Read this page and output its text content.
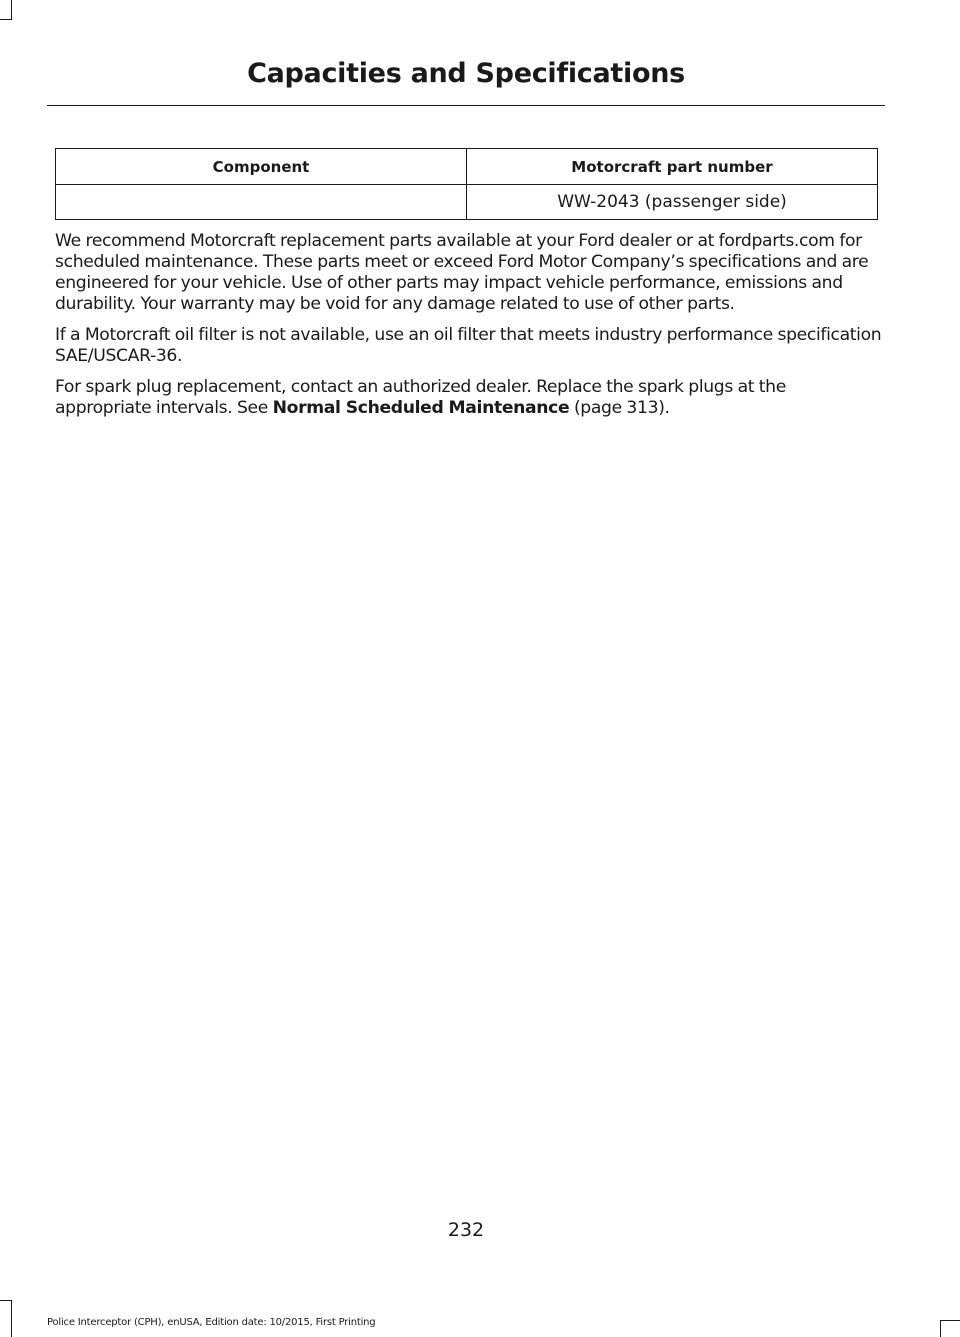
Capacities and Specifications
Component	Motorcraft part number
	WW-2043 (passenger side)

We recommend Motorcraft replacement parts available at your Ford dealer or at fordparts.com for scheduled maintenance. These parts meet or exceed Ford Motor Company’s specifications and are engineered for your vehicle. Use of other parts may impact vehicle performance, emissions and durability. Your warranty may be void for any damage related to use of other parts.

If a Motorcraft oil filter is not available, use an oil filter that meets industry performance specification SAE/USCAR-36.

For spark plug replacement, contact an authorized dealer. Replace the spark plugs at the appropriate intervals. See Normal Scheduled Maintenance (page 313).

232
Police Interceptor (CPH), enUSA, Edition date: 10/2015, First Printing
